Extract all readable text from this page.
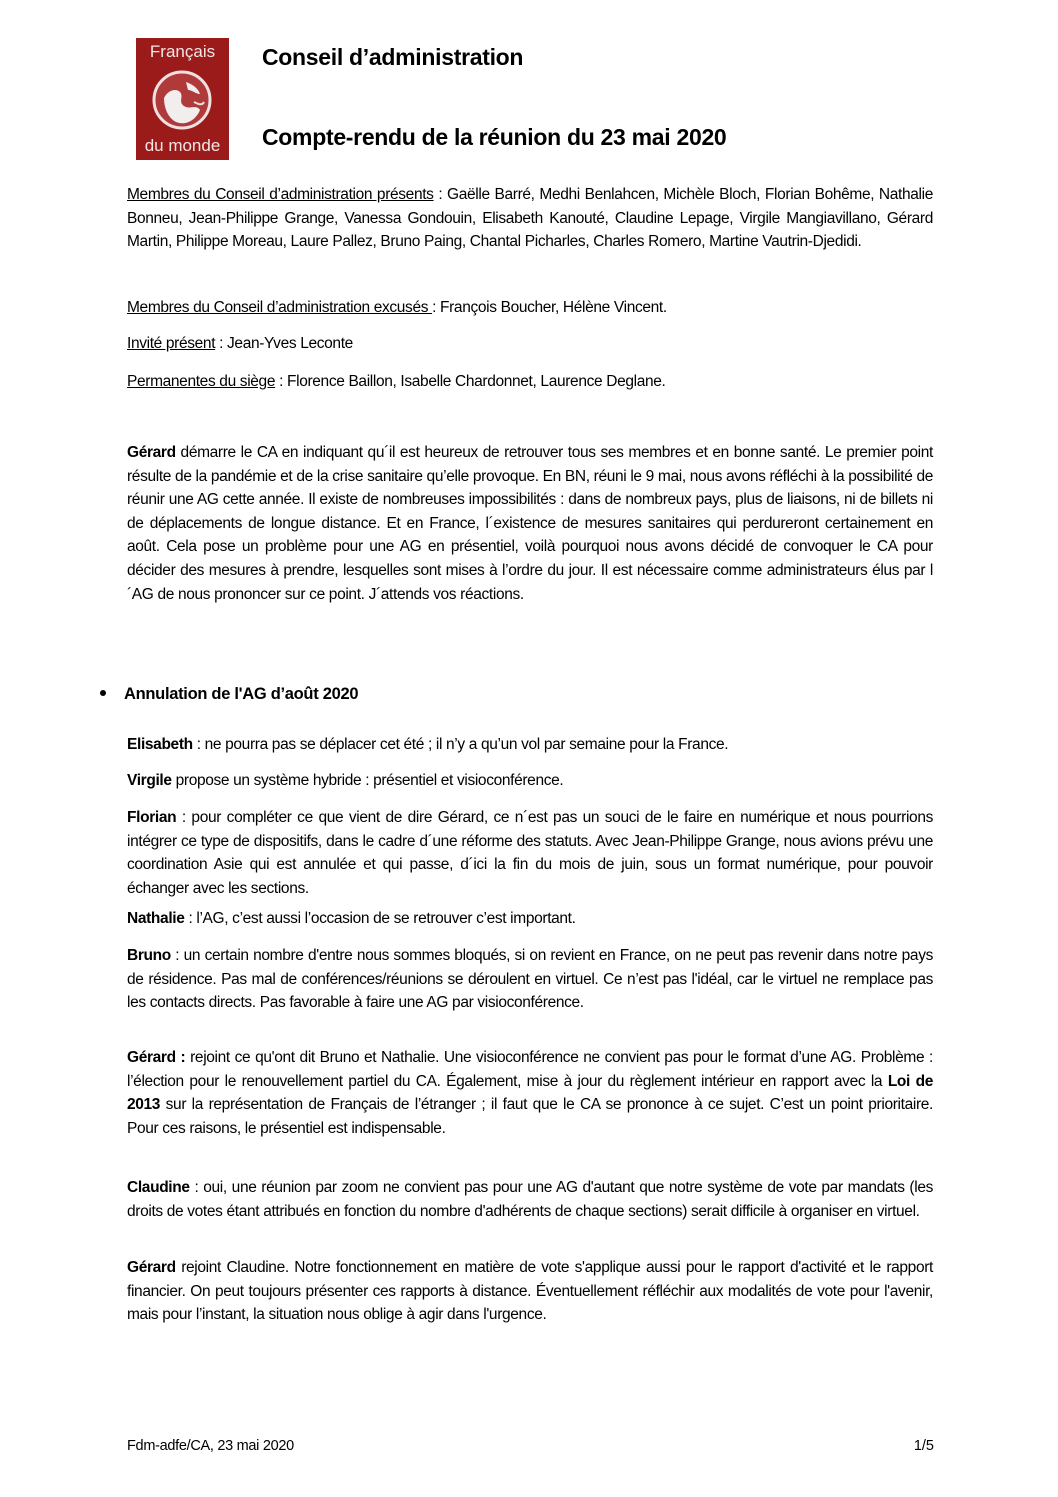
Français
du monde
Conseil d’administration
Compte-rendu de la réunion du 23 mai 2020
Membres du Conseil d’administration présents : Gaëlle Barré, Medhi Benlahcen, Michèle Bloch, Florian Bohême, Nathalie Bonneu, Jean-Philippe Grange, Vanessa Gondouin, Elisabeth Kanouté, Claudine Lepage, Virgile Mangiavillano, Gérard Martin, Philippe Moreau, Laure Pallez, Bruno Paing, Chantal Picharles, Charles Romero, Martine Vautrin-Djedidi.
Membres du Conseil d’administration excusés : François Boucher, Hélène Vincent.
Invité présent : Jean-Yves Leconte
Permanentes du siège : Florence Baillon, Isabelle Chardonnet, Laurence Deglane.
Gérard démarre le CA en indiquant qu´il est heureux de retrouver tous ses membres et en bonne santé. Le premier point résulte de la pandémie et de la crise sanitaire qu’elle provoque. En BN, réuni le 9 mai, nous avons réfléchi à la possibilité de réunir une AG cette année. Il existe de nombreuses impossibilités : dans de nombreux pays, plus de liaisons, ni de billets ni de déplacements de longue distance. Et en France, l´existence de mesures sanitaires qui perdureront certainement en août. Cela pose un problème pour une AG en présentiel, voilà pourquoi nous avons décidé de convoquer le CA pour décider des mesures à prendre, lesquelles sont mises à l’ordre du jour. Il est nécessaire comme administrateurs élus par l´AG de nous prononcer sur ce point. J´attends vos réactions.
Annulation de l'AG d’août 2020
Elisabeth : ne pourra pas se déplacer cet été ; il n’y a qu’un vol par semaine pour la France.
Virgile propose un système hybride : présentiel et visioconférence.
Florian : pour compléter ce que vient de dire Gérard, ce n´est pas un souci de le faire en numérique et nous pourrions intégrer ce type de dispositifs, dans le cadre d´une réforme des statuts. Avec Jean-Philippe Grange, nous avions prévu une coordination Asie qui est annulée et qui passe, d´ici la fin du mois de juin, sous un format numérique, pour pouvoir échanger avec les sections.
Nathalie : l’AG, c’est aussi l’occasion de se retrouver c’est important.
Bruno : un certain nombre d'entre nous sommes bloqués, si on revient en France, on ne peut pas revenir dans notre pays de résidence. Pas mal de conférences/réunions se déroulent en virtuel. Ce n’est pas l'idéal, car le virtuel ne remplace pas les contacts directs. Pas favorable à faire une AG par visioconférence.
Gérard : rejoint ce qu'ont dit Bruno et Nathalie. Une visioconférence ne convient pas pour le format d’une AG. Problème : l’élection pour le renouvellement partiel du CA. Également, mise à jour du règlement intérieur en rapport avec la Loi de 2013 sur la représentation de Français de l’étranger ; il faut que le CA se prononce à ce sujet. C’est un point prioritaire. Pour ces raisons, le présentiel est indispensable.
Claudine : oui, une réunion par zoom ne convient pas pour une AG d'autant que notre système de vote par mandats (les droits de votes étant attribués en fonction du nombre d'adhérents de chaque sections) serait difficile à organiser en virtuel.
Gérard rejoint Claudine. Notre fonctionnement en matière de vote s'applique aussi pour le rapport d'activité et le rapport financier. On peut toujours présenter ces rapports à distance. Éventuellement réfléchir aux modalités de vote pour l'avenir, mais pour l’instant, la situation nous oblige à agir dans l'urgence.
Fdm-adfe/CA, 23 mai 2020	1/5
